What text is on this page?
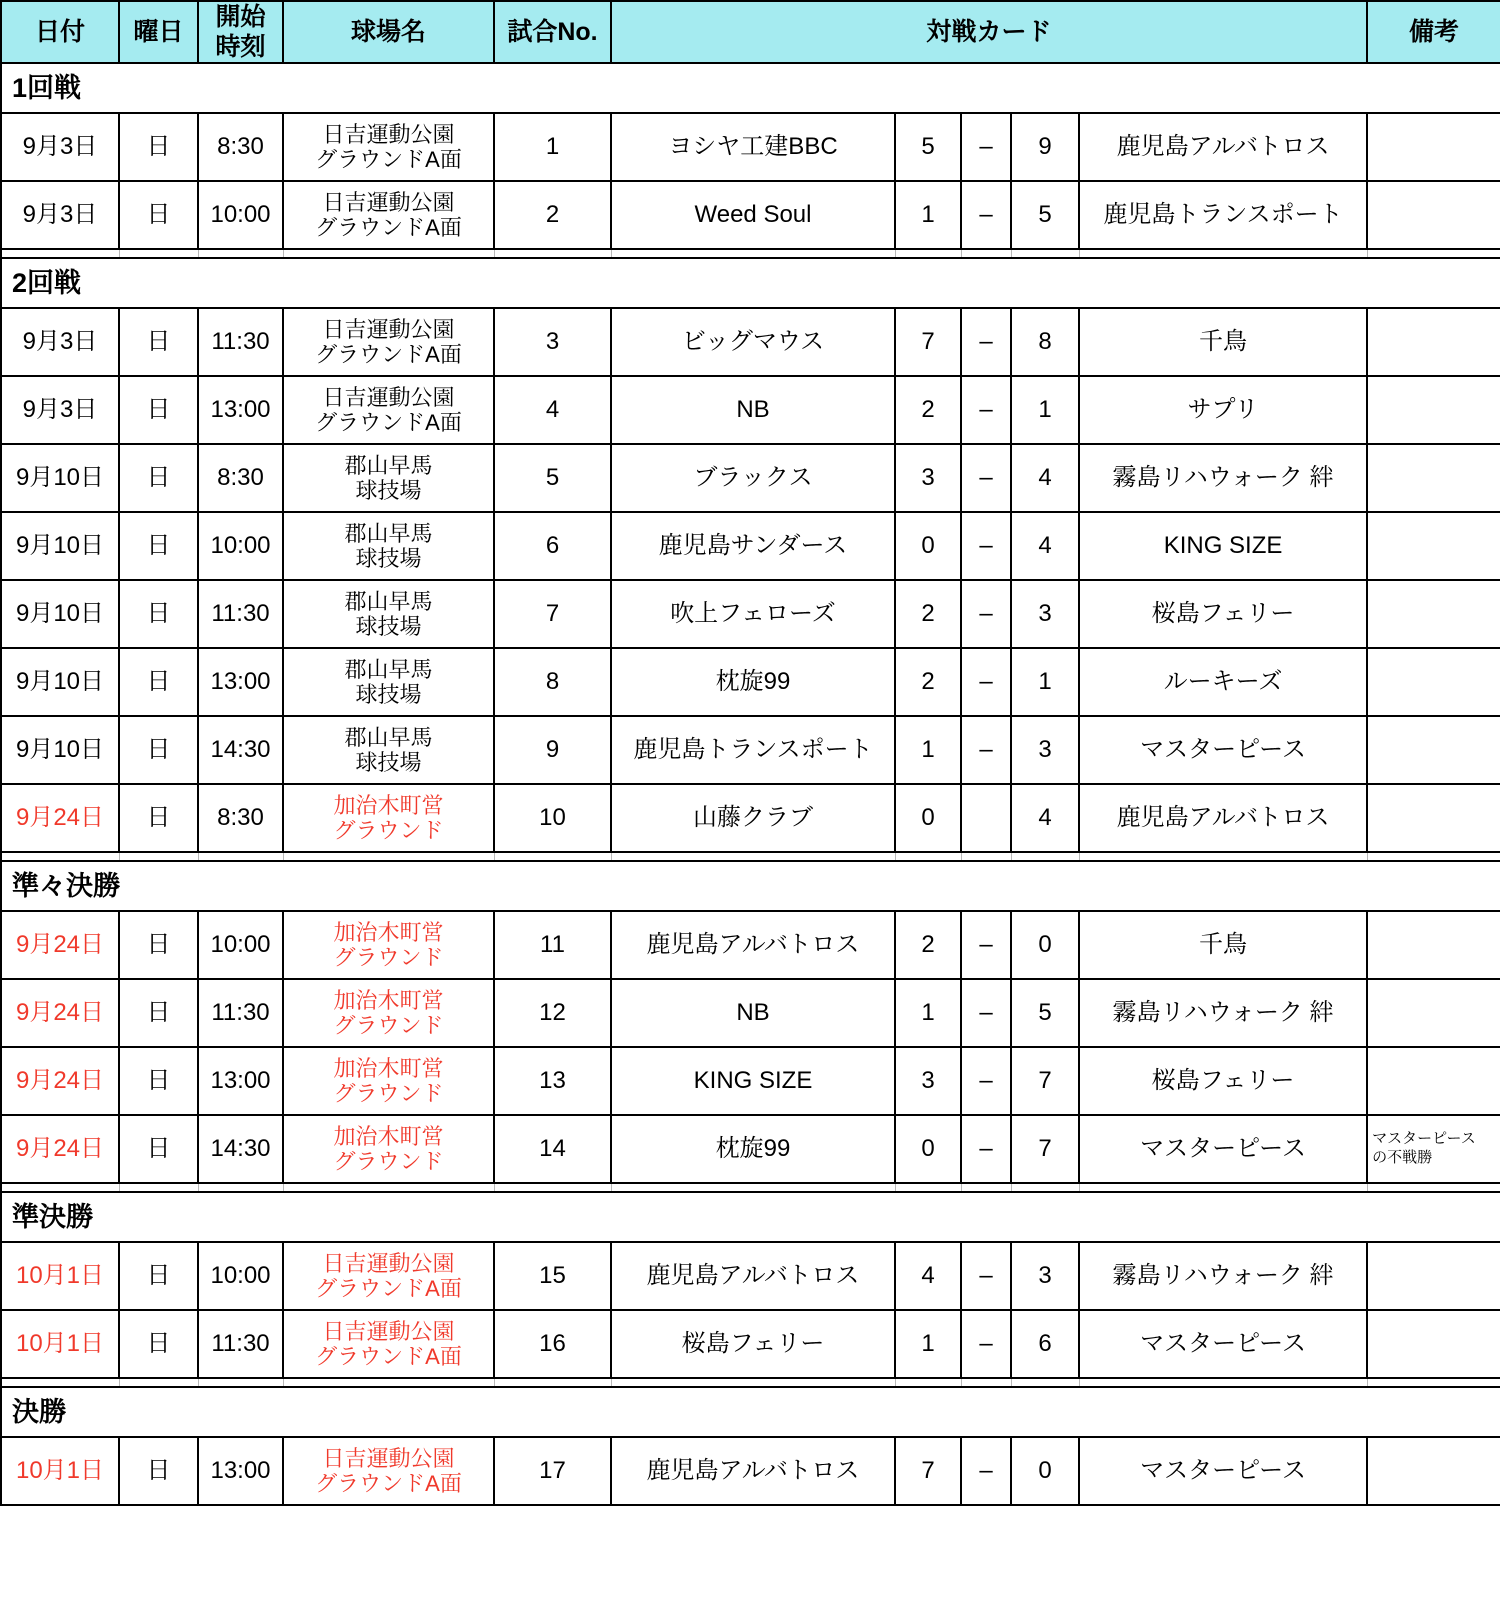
日付	曜日	開始
時刻	球場名	試合No.	対戦カード					備考
1回戦										
9月3日	日	8:30	日吉運動公園
グラウンドA面	1	ヨシヤ工建BBC	5	–	9	鹿児島アルバトロス	
9月3日	日	10:00	日吉運動公園
グラウンドA面	2	Weed Soul	1	–	5	鹿児島トランスポート	

2回戦										
9月3日	日	11:30	日吉運動公園
グラウンドA面	3	ビッグマウス	7	–	8	千鳥	
9月3日	日	13:00	日吉運動公園
グラウンドA面	4	NB	2	–	1	サプリ	
9月10日	日	8:30	郡山早馬
球技場	5	ブラックス	3	–	4	霧島リハウォーク 絆	
9月10日	日	10:00	郡山早馬
球技場	6	鹿児島サンダース	0	–	4	KING SIZE	
9月10日	日	11:30	郡山早馬
球技場	7	吹上フェローズ	2	–	3	桜島フェリー	
9月10日	日	13:00	郡山早馬
球技場	8	枕旋99	2	–	1	ルーキーズ	
9月10日	日	14:30	郡山早馬
球技場	9	鹿児島トランスポート	1	–	3	マスターピース	
9月24日	日	8:30	加治木町営
グラウンド	10	山藤クラブ	0		4	鹿児島アルバトロス	

準々決勝										
9月24日	日	10:00	加治木町営
グラウンド	11	鹿児島アルバトロス	2	–	0	千鳥	
9月24日	日	11:30	加治木町営
グラウンド	12	NB	1	–	5	霧島リハウォーク 絆	
9月24日	日	13:00	加治木町営
グラウンド	13	KING SIZE	3	–	7	桜島フェリー	
9月24日	日	14:30	加治木町営
グラウンド	14	枕旋99	0	–	7	マスターピース	マスターピース
の不戦勝

準決勝										
10月1日	日	10:00	日吉運動公園
グラウンドA面	15	鹿児島アルバトロス	4	–	3	霧島リハウォーク 絆	
10月1日	日	11:30	日吉運動公園
グラウンドA面	16	桜島フェリー	1	–	6	マスターピース	

決勝										
10月1日	日	13:00	日吉運動公園
グラウンドA面	17	鹿児島アルバトロス	7	–	0	マスターピース	
